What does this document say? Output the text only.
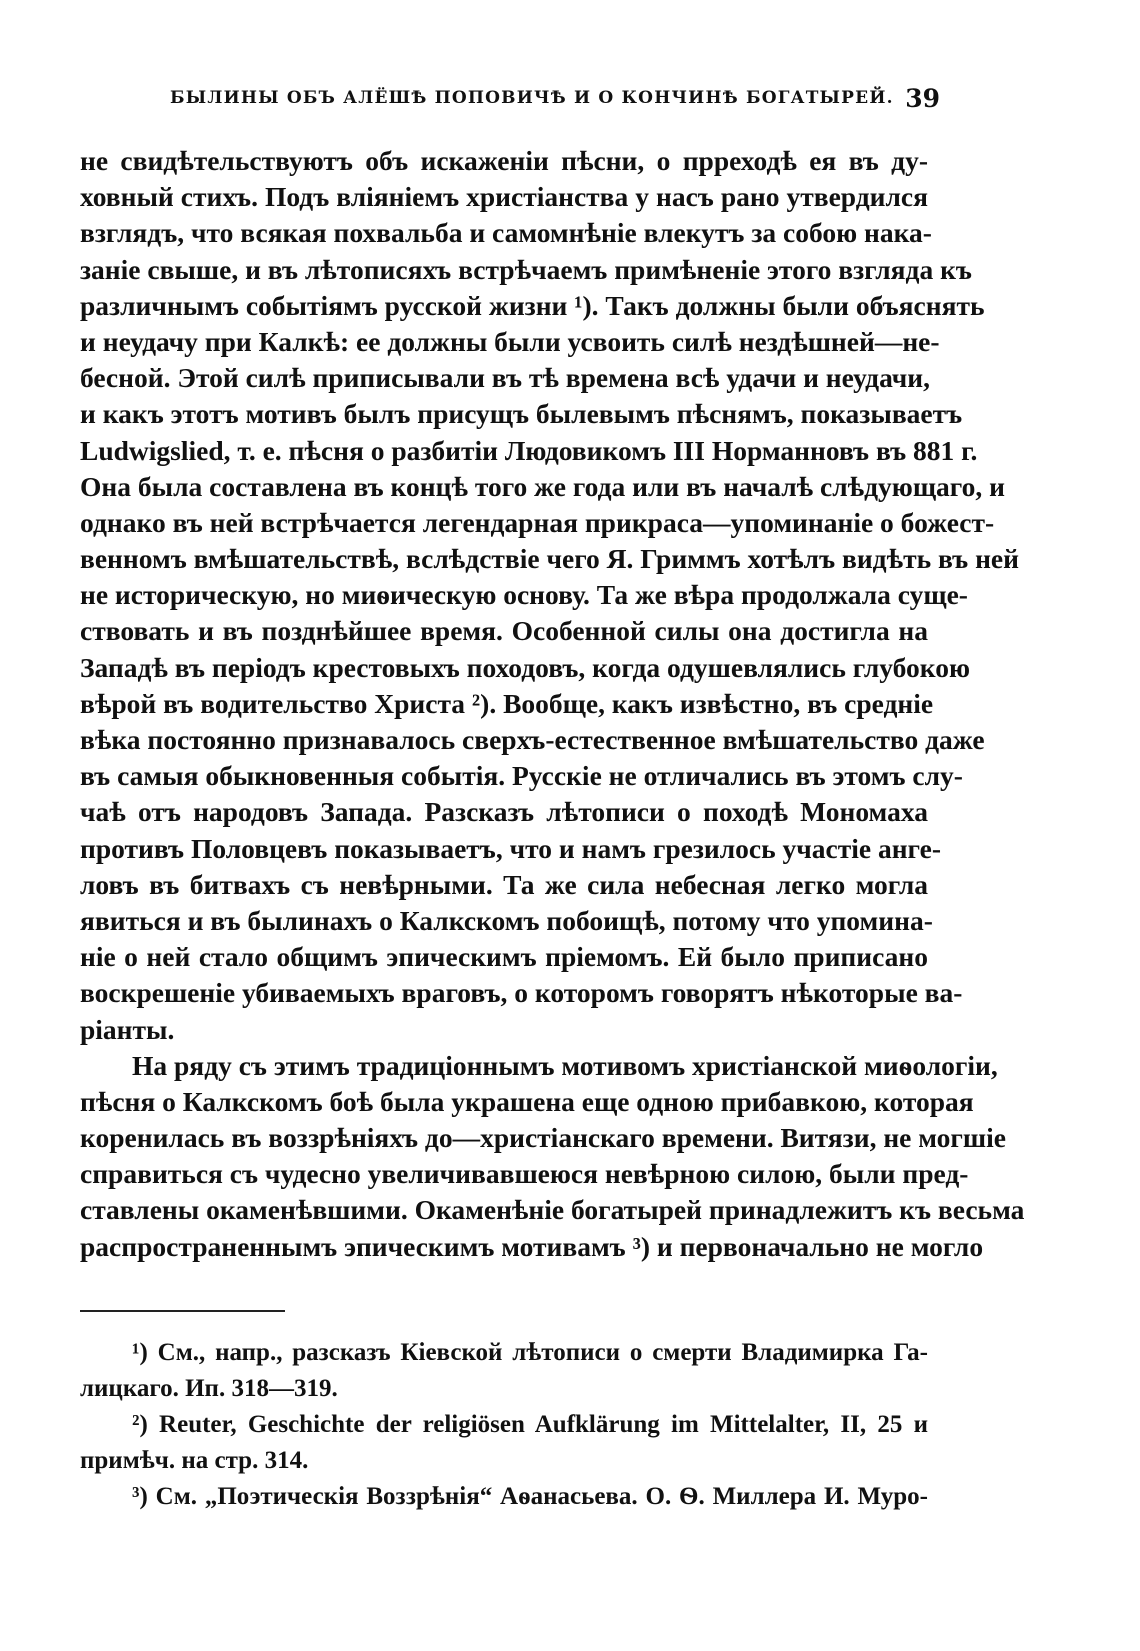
БЫЛИНЫ ОБЪ АЛЁШѢ ПОПОВИЧѢ И О КОНЧИНѢ БОГАТЫРЕЙ. 39
не свидѣтельствуютъ объ искаженіи пѣсни, о прреходѣ ея въ ду-
ховный стихъ. Подъ вліяніемъ христіанства у насъ рано утвердился
взглядъ, что всякая похвальба и самомнѣніе влекутъ за собою нака-
заніе свыше, и въ лѣтописяхъ встрѣчаемъ примѣненіе этого взгляда къ
различнымъ событіямъ русской жизни ¹). Такъ должны были объяснять
и неудачу при Калкѣ: ее должны были усвоить силѣ нездѣшней—не-
бесной. Этой силѣ приписывали въ тѣ времена всѣ удачи и неудачи,
и какъ этотъ мотивъ былъ присущъ былевымъ пѣснямъ, показываетъ
Ludwigslied, т. е. пѣсня о разбитіи Людовикомъ III Норманновъ въ 881 г.
Она была составлена въ концѣ того же года или въ началѣ слѣдующаго, и
однако въ ней встрѣчается легендарная прикраса—упоминаніе о божест-
венномъ вмѣшательствѣ, вслѣдствіе чего Я. Гриммъ хотѣлъ видѣть въ ней
не историческую, но миѳическую основу. Та же вѣра продолжала суще-
ствовать и въ позднѣйшее время. Особенной силы она достигла на
Западѣ въ періодъ крестовыхъ походовъ, когда одушевлялись глубокою
вѣрой въ водительство Христа ²). Вообще, какъ извѣстно, въ средніе
вѣка постоянно признавалось сверхъ-естественное вмѣшательство даже
въ самыя обыкновенныя событія. Русскіе не отличались въ этомъ слу-
чаѣ отъ народовъ Запада. Разсказъ лѣтописи о походѣ Мономаха
противъ Половцевъ показываетъ, что и намъ грезилось участіе анге-
ловъ въ битвахъ съ невѣрными. Та же сила небесная легко могла
явиться и въ былинахъ о Калкскомъ побоищѣ, потому что упомина-
ніе о ней стало общимъ эпическимъ пріемомъ. Ей было приписано
воскрешеніе убиваемыхъ враговъ, о которомъ говорятъ нѣкоторые ва-
ріанты.
На ряду съ этимъ традиціоннымъ мотивомъ христіанской миѳологіи,
пѣсня о Калкскомъ боѣ была украшена еще одною прибавкою, которая
коренилась въ воззрѣніяхъ до—христіанскаго времени. Витязи, не могшіе
справиться съ чудесно увеличивавшеюся невѣрною силою, были пред-
ставлены окаменѣвшими. Окаменѣніе богатырей принадлежитъ къ весьма
распространеннымъ эпическимъ мотивамъ ³) и первоначально не могло
¹) См., напр., разсказъ Кіевской лѣтописи о смерти Владимирка Га-
лицкаго. Ип. 318—319.
²) Reuter, Geschichte der religiösen Aufklärung im Mittelalter, II, 25 и
примѣч. на стр. 314.
³) См. „Поэтическія Воззрѣнія“ Аѳанасьева. О. Ѳ. Миллера И. Муро-
